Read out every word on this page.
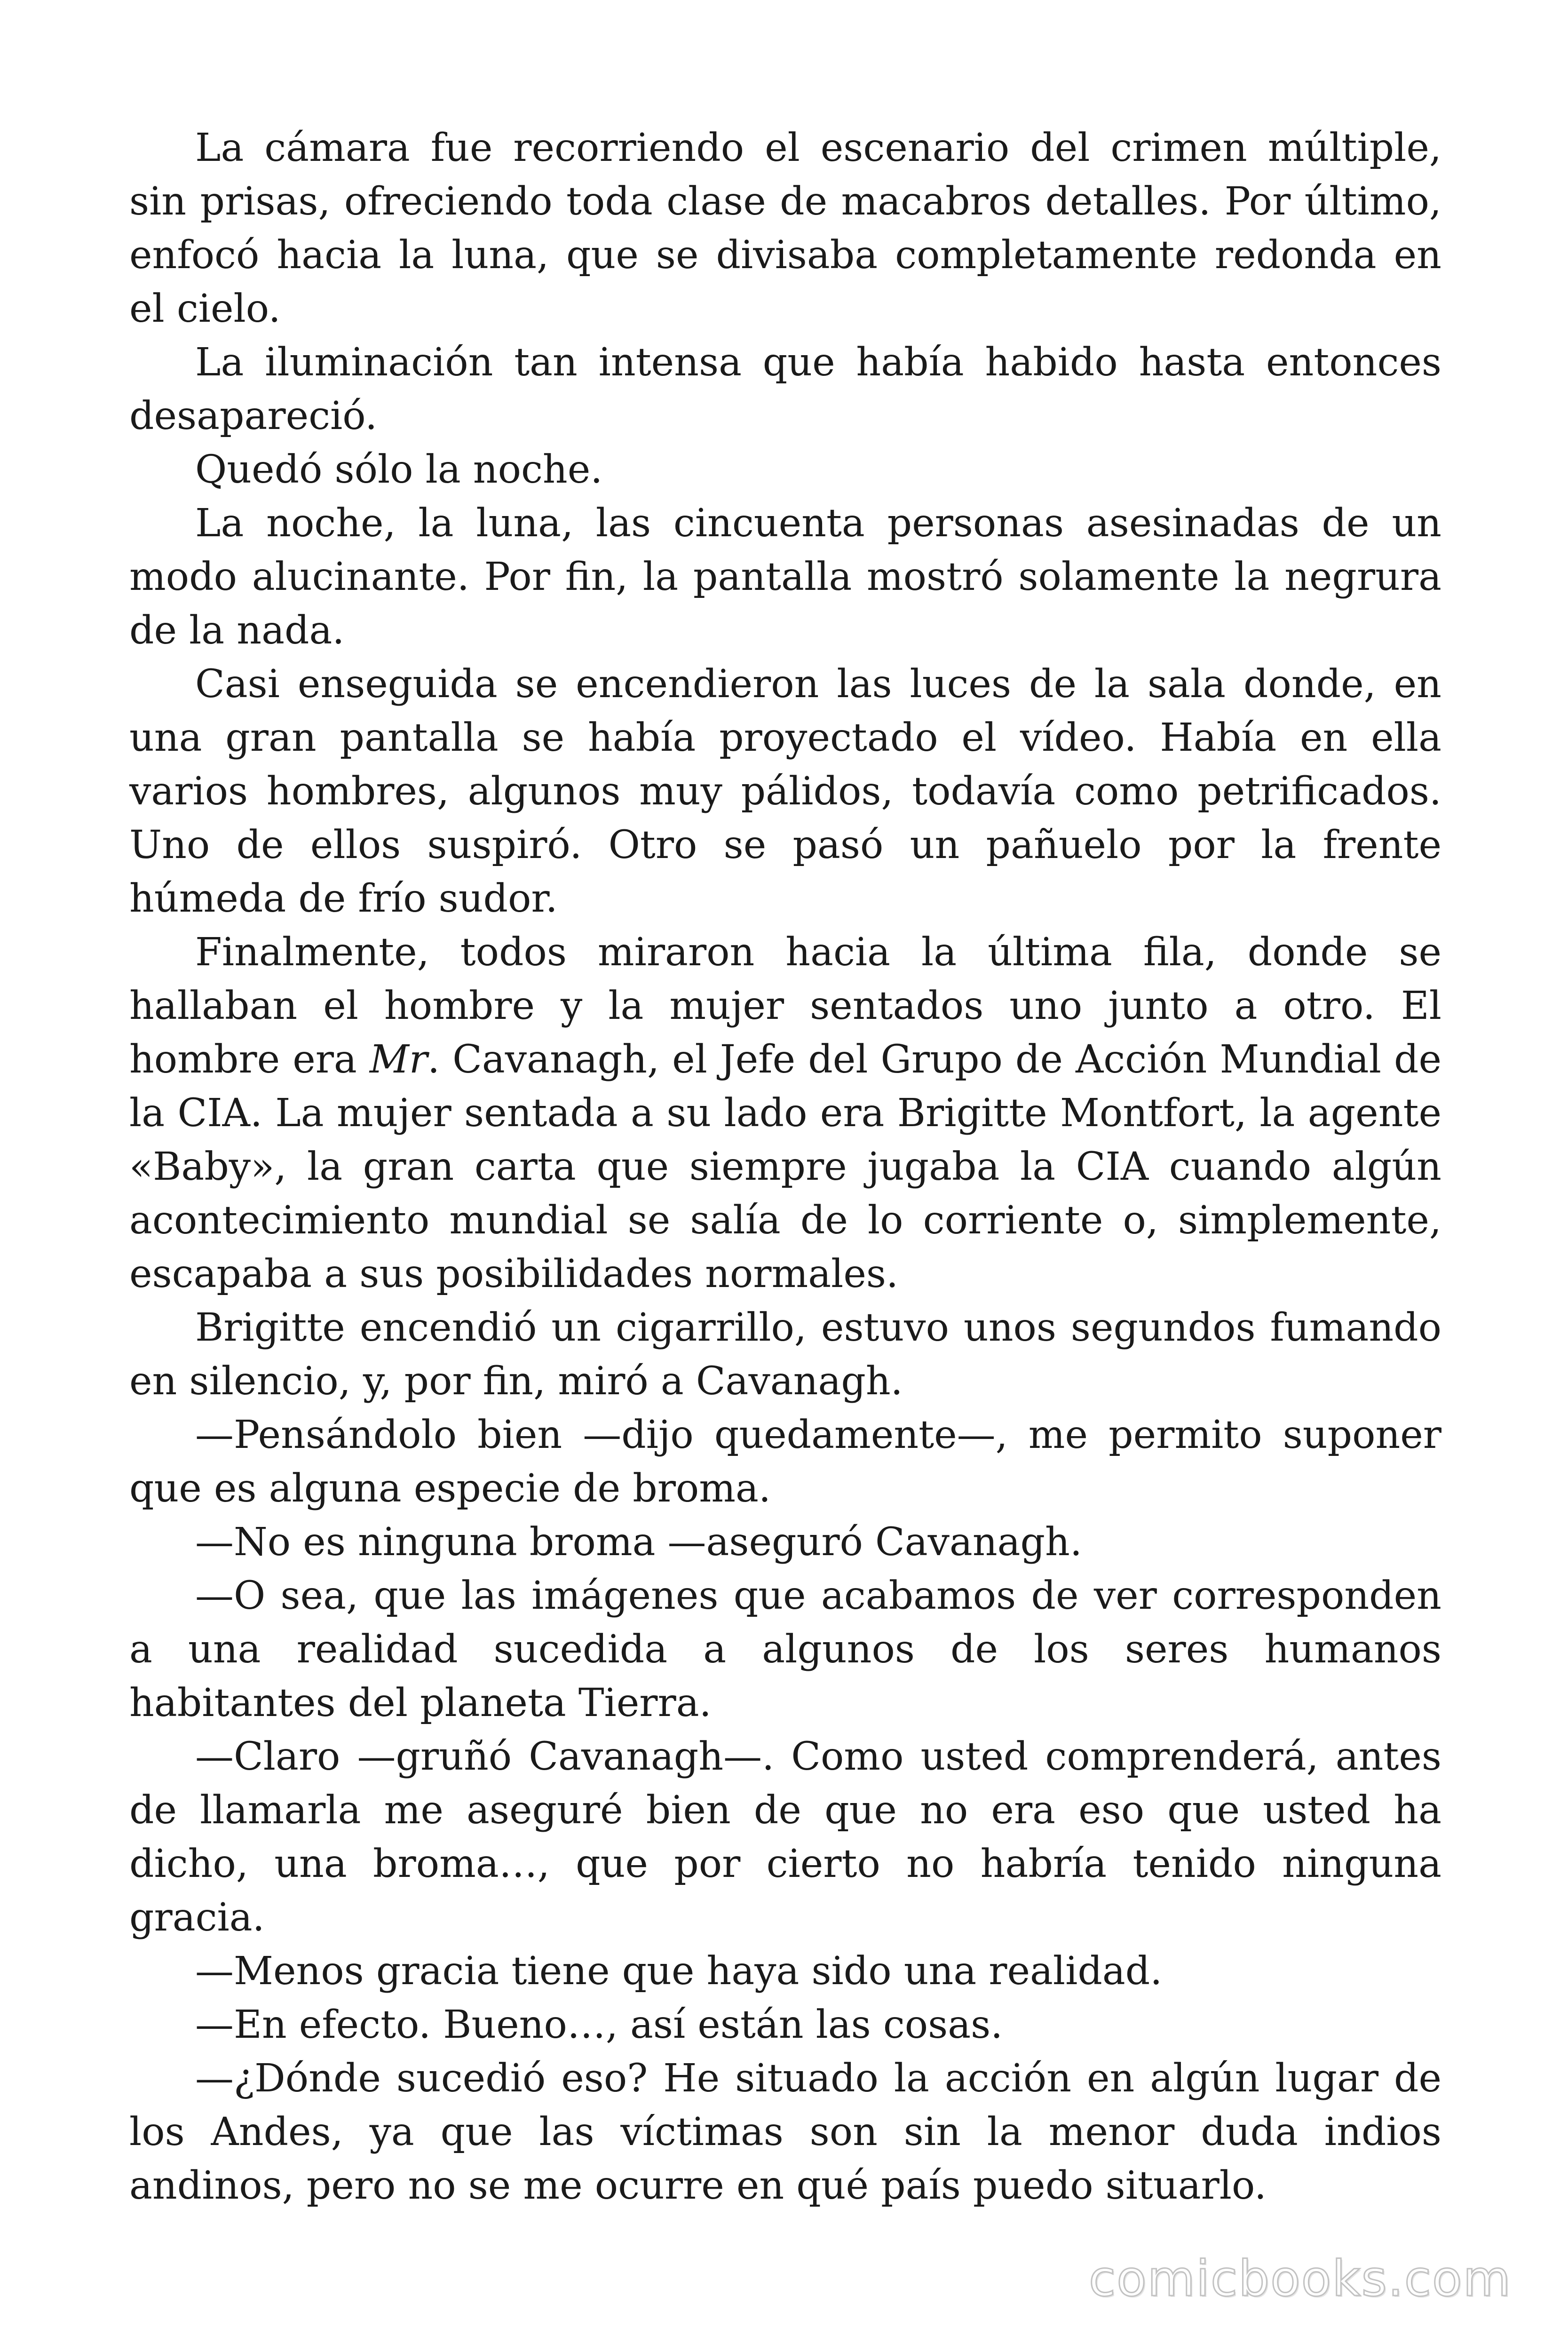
La cámara fue recorriendo el escenario del crimen múltiple, sin prisas, ofreciendo toda clase de macabros detalles. Por último, enfocó hacia la luna, que se divisaba completamente redonda en el cielo.

La iluminación tan intensa que había habido hasta entonces desapareció.

Quedó sólo la noche.

La noche, la luna, las cincuenta personas asesinadas de un modo alucinante. Por fin, la pantalla mostró solamente la negrura de la nada.

Casi enseguida se encendieron las luces de la sala donde, en una gran pantalla se había proyectado el vídeo. Había en ella varios hombres, algunos muy pálidos, todavía como petrificados. Uno de ellos suspiró. Otro se pasó un pañuelo por la frente húmeda de frío sudor.

Finalmente, todos miraron hacia la última fila, donde se hallaban el hombre y la mujer sentados uno junto a otro. El hombre era Mr. Cavanagh, el Jefe del Grupo de Acción Mundial de la CIA. La mujer sentada a su lado era Brigitte Montfort, la agente «Baby», la gran carta que siempre jugaba la CIA cuando algún acontecimiento mundial se salía de lo corriente o, simplemente, escapaba a sus posibilidades normales.

Brigitte encendió un cigarrillo, estuvo unos segundos fumando en silencio, y, por fin, miró a Cavanagh.

—Pensándolo bien —dijo quedamente—, me permito suponer que es alguna especie de broma.

—No es ninguna broma —aseguró Cavanagh.

—O sea, que las imágenes que acabamos de ver corresponden a una realidad sucedida a algunos de los seres humanos habitantes del planeta Tierra.

—Claro —gruñó Cavanagh—. Como usted comprenderá, antes de llamarla me aseguré bien de que no era eso que usted ha dicho, una broma…, que por cierto no habría tenido ninguna gracia.

—Menos gracia tiene que haya sido una realidad.

—En efecto. Bueno…, así están las cosas.

—¿Dónde sucedió eso? He situado la acción en algún lugar de los Andes, ya que las víctimas son sin la menor duda indios andinos, pero no se me ocurre en qué país puedo situarlo.

comicbooks.com
